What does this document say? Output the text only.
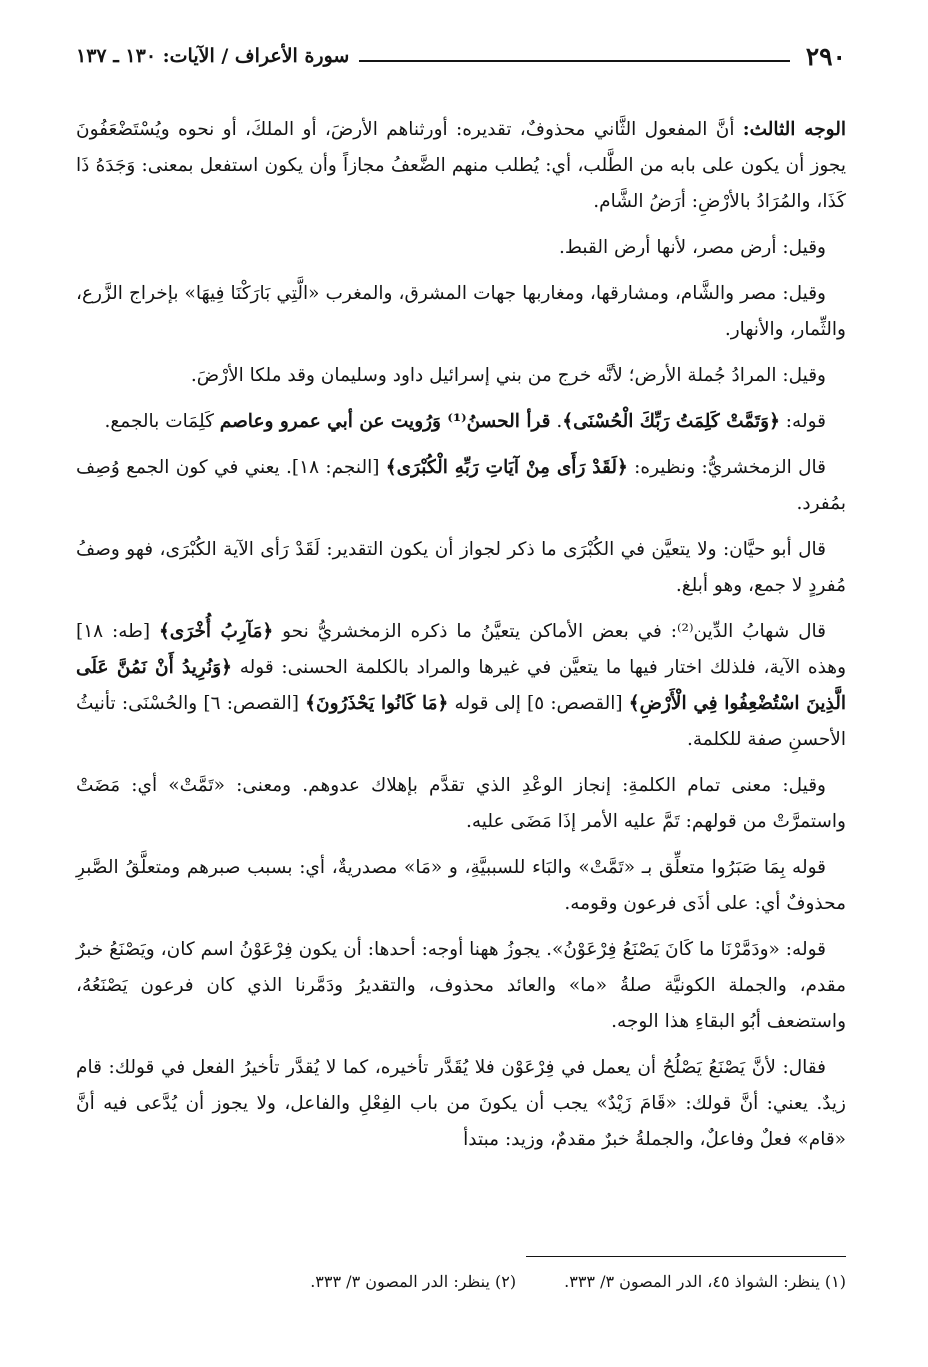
٢٩٠
سورة الأعراف / الآيات: ١٣٠ ـ ١٣٧

الوجه الثالث: أنَّ المفعول الثَّاني محذوفٌ، تقديره: أورثناهم الأرضَ، أو الملكَ، أو نحوه ويُسْتَضْعَفُونَ يجوز أن يكون على بابه من الطَّلب، أي: يُطلب منهم الضَّعفُ مجازاً وأن يكون استفعل بمعنى: وَجَدَهُ ذَا كَذَا، والمُرَادُ بالأرْضِ: أرَضُ الشَّام.

وقيل: أرض مصر، لأنها أرض القبط.

وقيل: مصر والشَّام، ومشارقها، ومغاربها جهات المشرق، والمغرب «الَّتِي بَارَكْنَا فِيهَا» بإخراج الزَّرع، والثِّمار، والأنهار.

وقيل: المرادُ جُملة الأرض؛ لأنَّه خرج من بني إسرائيل داود وسليمان وقد ملكا الأرْضَ.

قوله: ﴿وَتَمَّتْ كَلِمَتُ رَبِّكَ الْحُسْنَى﴾. قرأ الحسنُ⁽¹⁾ وَرُويت عن أبي عمرو وعاصم كَلِمَات بالجمع.

قال الزمخشريُّ: ونظيره: ﴿لَقَدْ رَأَى مِنْ آيَاتِ رَبِّهِ الْكُبْرَى﴾ [النجم: ١٨]. يعني في كون الجمع وُصِف بمُفرد.

قال أبو حيَّان: ولا يتعيَّن في الكُبْرَى ما ذكر لجواز أن يكون التقدير: لَقَدْ رَأى الآية الكُبْرَى، فهو وصفُ مُفردٍ لا جمع، وهو أبلغ.

قال شهابُ الدِّين⁽²⁾: في بعض الأماكن يتعيَّنُ ما ذكره الزمخشريُّ نحو ﴿مَآرِبُ أُخْرَى﴾ [طه: ١٨] وهذه الآية، فلذلك اختار فيها ما يتعيَّن في غيرها والمراد بالكلمة الحسنى: قوله ﴿وَنُرِيدُ أَنْ نَمُنَّ عَلَى الَّذِينَ اسْتُضْعِفُوا فِي الْأَرْضِ﴾ [القصص: ٥] إلى قوله ﴿مَا كَانُوا يَحْذَرُونَ﴾ [القصص: ٦] والحُسْنَى: تأنيثُ الأحسنِ صفة للكلمة.

وقيل: معنى تمام الكلمةِ: إنجاز الوعْدِ الذي تقدَّم بإهلاك عدوهم. ومعنى: «تَمَّتْ» أي: مَضَتْ واستمرَّتْ من قولهم: تَمَّ عليه الأمر إذَا مَضَى عليه.

قوله بِمَا صَبَرُوا متعلِّق بـ «تَمَّتْ» والبَاء للسببيَّةِ، و «مَا» مصدريةٌ، أي: بسبب صبرهم ومتعلَّقُ الصَّبرِ محذوفٌ أي: على أذَى فرعون وقومه.

قوله: «ودَمَّرْنَا ما كَانَ يَصْنَعُ فِرْعَوْنُ». يجوزُ ههنا أوجه: أحدها: أن يكون فِرْعَوْنُ اسم كان، ويَصْنَعُ خبرٌ مقدم، والجملة الكونيَّة صلةُ «ما» والعائد محذوف، والتقديرُ ودَمَّرنا الذي كان فرعون يَصْنَعُهُ، واستضعف أبُو البقاءِ هذا الوجه.

فقال: لأنَّ يَصْنَعُ يَصْلُحُ أن يعمل في فِرْعَوْن فلا يُقَدَّر تأخيره، كما لا يُقدَّر تأخيرُ الفعل في قولك: قام زيدٌ. يعني: أنَّ قولك: «قَامَ زَيْدٌ» يجب أن يكونَ من باب الفِعْلِ والفاعل، ولا يجوز أن يُدَّعى فيه أنَّ «قام» فعلٌ وفاعلٌ، والجملةُ خبرٌ مقدمٌ، وزيد: مبتدأ

(١) ينظر: الشواذ ٤٥، الدر المصون ٣/ ٣٣٣.
(٢) ينظر: الدر المصون ٣/ ٣٣٣.
